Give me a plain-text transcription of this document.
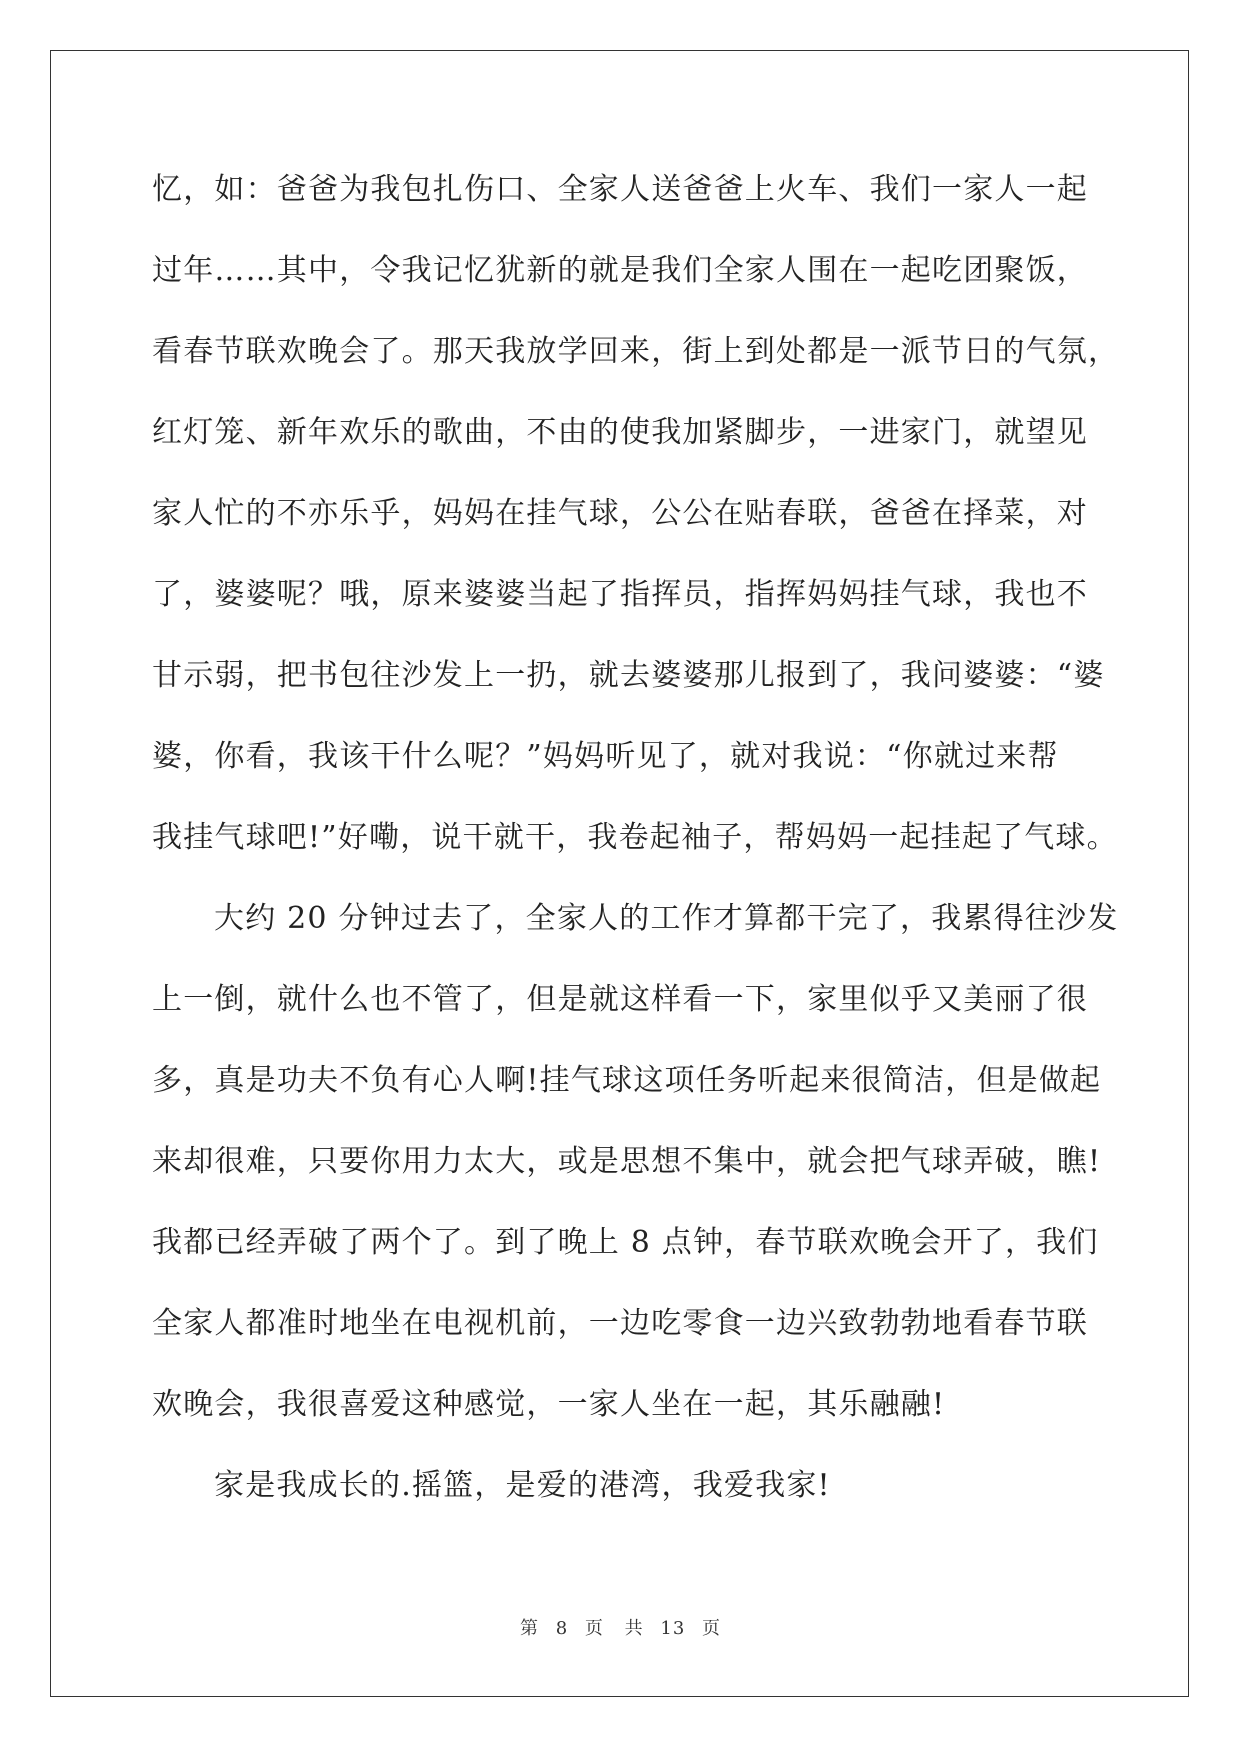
忆，如：爸爸为我包扎伤口、全家人送爸爸上火车、我们一家人一起
过年……其中，令我记忆犹新的就是我们全家人围在一起吃团聚饭，
看春节联欢晚会了。那天我放学回来，街上到处都是一派节日的气氛，
红灯笼、新年欢乐的歌曲，不由的使我加紧脚步，一进家门，就望见
家人忙的不亦乐乎，妈妈在挂气球，公公在贴春联，爸爸在择菜，对
了，婆婆呢？哦，原来婆婆当起了指挥员，指挥妈妈挂气球，我也不
甘示弱，把书包往沙发上一扔，就去婆婆那儿报到了，我问婆婆：“婆
婆，你看，我该干什么呢？”妈妈听见了，就对我说：“你就过来帮
我挂气球吧!”好嘞，说干就干，我卷起袖子，帮妈妈一起挂起了气球。
大约 20 分钟过去了，全家人的工作才算都干完了，我累得往沙发
上一倒，就什么也不管了，但是就这样看一下，家里似乎又美丽了很
多，真是功夫不负有心人啊!挂气球这项任务听起来很简洁，但是做起
来却很难，只要你用力太大，或是思想不集中，就会把气球弄破，瞧!
我都已经弄破了两个了。到了晚上 8 点钟，春节联欢晚会开了，我们
全家人都准时地坐在电视机前，一边吃零食一边兴致勃勃地看春节联
欢晚会，我很喜爱这种感觉，一家人坐在一起，其乐融融!
家是我成长的.摇篮，是爱的港湾，我爱我家!
第 8 页 共 13 页
